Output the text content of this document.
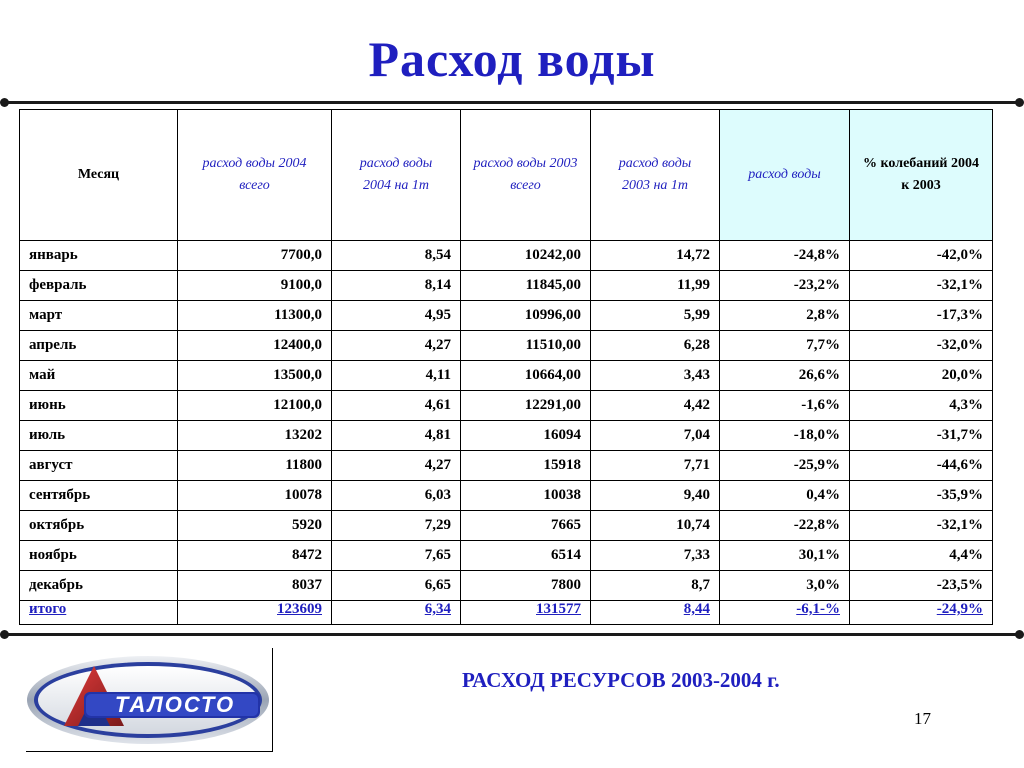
Расход воды
Месяц	расход воды 2004 всего	расход воды 2004 на 1т	расход воды 2003 всего	расход воды 2003 на 1т	расход воды	% колебаний 2004 к 2003
январь	7700,0	8,54	10242,00	14,72	-24,8%	-42,0%
февраль	9100,0	8,14	11845,00	11,99	-23,2%	-32,1%
март	11300,0	4,95	10996,00	5,99	2,8%	-17,3%
апрель	12400,0	4,27	11510,00	6,28	7,7%	-32,0%
май	13500,0	4,11	10664,00	3,43	26,6%	20,0%
июнь	12100,0	4,61	12291,00	4,42	-1,6%	4,3%
июль	13202	4,81	16094	7,04	-18,0%	-31,7%
август	11800	4,27	15918	7,71	-25,9%	-44,6%
сентябрь	10078	6,03	10038	9,40	0,4%	-35,9%
октябрь	5920	7,29	7665	10,74	-22,8%	-32,1%
ноябрь	8472	7,65	6514	7,33	30,1%	4,4%
декабрь	8037	6,65	7800	8,7	3,0%	-23,5%
итого	123609	6,34	131577	8,44	-6,1-%	-24,9%
ТАЛОСТО
РАСХОД РЕСУРСОВ 2003-2004 г.
17
